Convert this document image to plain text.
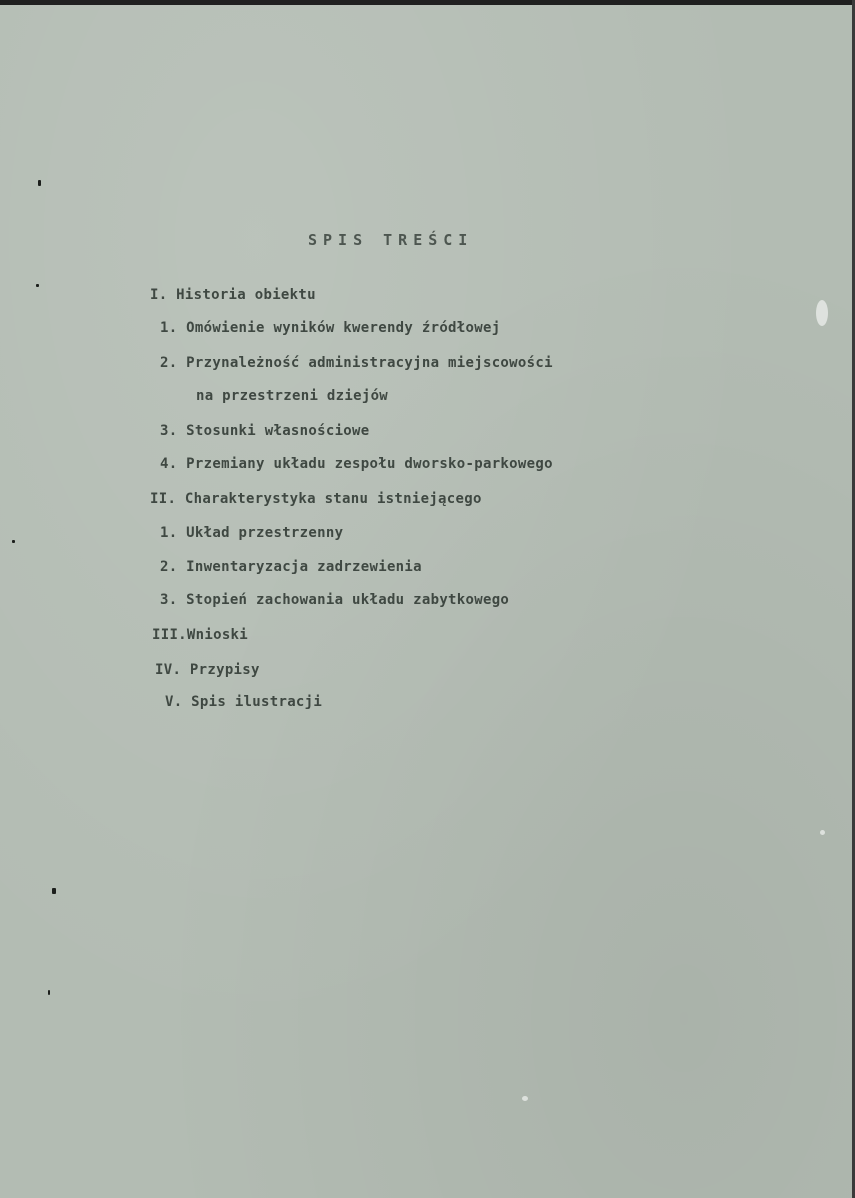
SPIS TREŚCI
I. Historia obiektu
1. Omówienie wyników kwerendy źródłowej
2. Przynależność administracyjna miejscowości
na przestrzeni dziejów
3. Stosunki własnościowe
4. Przemiany układu zespołu dworsko-parkowego
II. Charakterystyka stanu istniejącego
1. Układ przestrzenny
2. Inwentaryzacja zadrzewienia
3. Stopień zachowania układu zabytkowego
III.Wnioski
IV. Przypisy
V. Spis ilustracji
